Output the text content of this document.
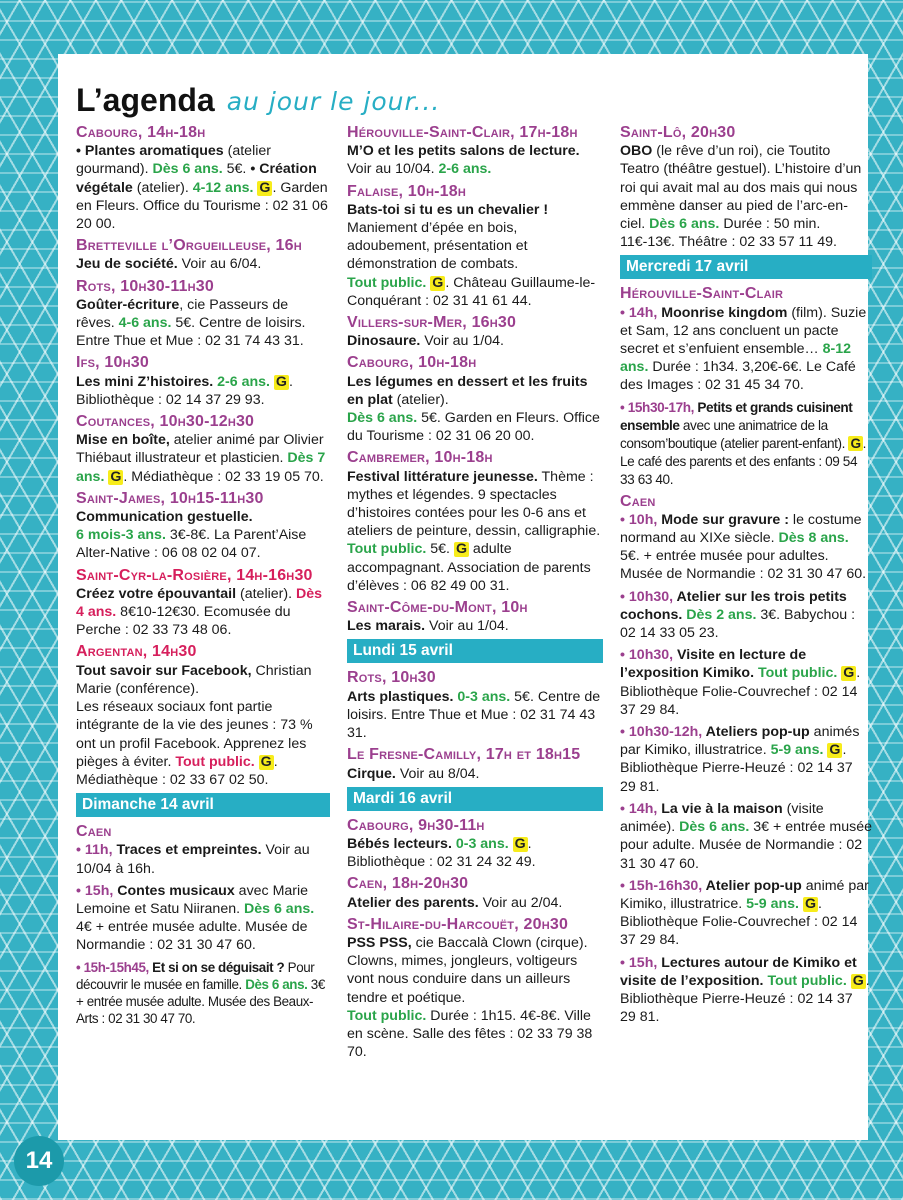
L’agenda au jour le jour...
Cabourg, 14h-18h
• Plantes aromatiques (atelier gourmand). Dès 6 ans. 5€. • Création végétale (atelier). 4-12 ans. G . Garden en Fleurs. Office du Tourisme : 02 31 06 20 00.
Bretteville l’Orgueilleuse, 16h
Jeu de société. Voir au 6/04.
Rots, 10h30-11h30
Goûter-écriture, cie Passeurs de rêves. 4-6 ans. 5€. Centre de loisirs. Entre Thue et Mue : 02 31 74 43 31.
Ifs, 10h30
Les mini Z’histoires. 2-6 ans. G . Bibliothèque : 02 14 37 29 93.
Coutances, 10h30-12h30
Mise en boîte, atelier animé par Olivier Thiébaut illustrateur et plasticien. Dès 7 ans. G . Médiathèque : 02 33 19 05 70.
Saint-James, 10h15-11h30
Communication gestuelle.
6 mois-3 ans. 3€-8€. La Parent’Aise Alter-Native : 06 08 02 04 07.
Saint-Cyr-la-Rosière, 14h-16h30
Créez votre épouvantail (atelier). Dès 4 ans. 8€10-12€30. Ecomusée du Perche : 02 33 73 48 06.
Argentan, 14h30
Tout savoir sur Facebook, Christian Marie (conférence).
Les réseaux sociaux font partie intégrante de la vie des jeunes : 73 % ont un profil Facebook. Apprenez les pièges à éviter. Tout public. G . Médiathèque : 02 33 67 02 50.
Dimanche 14 avril
Caen
• 11h, Traces et empreintes. Voir au 10/04 à 16h.
• 15h, Contes musicaux avec Marie Lemoine et Satu Niiranen. Dès 6 ans. 4€ + entrée musée adulte. Musée de Normandie : 02 31 30 47 60.
• 15h-15h45, Et si on se déguisait ? Pour découvrir le musée en famille. Dès 6 ans. 3€ + entrée musée adulte. Musée des Beaux-Arts : 02 31 30 47 70.
Hérouville-Saint-Clair, 17h-18h
M’O et les petits salons de lecture. Voir au 10/04. 2-6 ans.
Falaise, 10h-18h
Bats-toi si tu es un chevalier ! Maniement d’épée en bois, adoubement, présentation et démonstration de combats.
Tout public. G . Château Guillaume-le-Conquérant : 02 31 41 61 44.
Villers-sur-Mer, 16h30
Dinosaure. Voir au 1/04.
Cabourg, 10h-18h
Les légumes en dessert et les fruits en plat (atelier).
Dès 6 ans. 5€. Garden en Fleurs. Office du Tourisme : 02 31 06 20 00.
Cambremer, 10h-18h
Festival littérature jeunesse. Thème : mythes et légendes. 9 spectacles d’histoires contées pour les 0-6 ans et ateliers de peinture, dessin, calligraphie.
Tout public. 5€. G adulte accompagnant. Association de parents d’élèves : 06 82 49 00 31.
Saint-Côme-du-Mont, 10h
Les marais. Voir au 1/04.
Lundi 15 avril
Rots, 10h30
Arts plastiques. 0-3 ans. 5€. Centre de loisirs. Entre Thue et Mue : 02 31 74 43 31.
Le Fresne-Camilly, 17h et 18h15
Cirque. Voir au 8/04.
Mardi 16 avril
Cabourg, 9h30-11h
Bébés lecteurs. 0-3 ans. G . Bibliothèque : 02 31 24 32 49.
Caen, 18h-20h30
Atelier des parents. Voir au 2/04.
St-Hilaire-du-Harcouët, 20h30
PSS PSS, cie Baccalà Clown (cirque). Clowns, mimes, jongleurs, voltigeurs vont nous conduire dans un ailleurs tendre et poétique.
Tout public. Durée : 1h15. 4€-8€. Ville en scène. Salle des fêtes : 02 33 79 38 70.
Saint-Lô, 20h30
OBO (le rêve d’un roi), cie Toutito Teatro (théâtre gestuel). L’histoire d’un roi qui avait mal au dos mais qui nous emmène danser au pied de l’arc-en-ciel. Dès 6 ans. Durée : 50 min. 11€-13€. Théâtre : 02 33 57 11 49.
Mercredi 17 avril
Hérouville-Saint-Clair
• 14h, Moonrise kingdom (film). Suzie et Sam, 12 ans concluent un pacte secret et s’enfuient ensemble… 8-12 ans. Durée : 1h34. 3,20€-6€. Le Café des Images : 02 31 45 34 70.
• 15h30-17h, Petits et grands cuisinent ensemble avec une animatrice de la consom’boutique (atelier parent-enfant). G . Le café des parents et des enfants : 09 54 33 63 40.
Caen
• 10h, Mode sur gravure : le costume normand au XIXe siècle. Dès 8 ans. 5€. + entrée musée pour adultes. Musée de Normandie : 02 31 30 47 60.
• 10h30, Atelier sur les trois petits cochons. Dès 2 ans. 3€. Babychou : 02 14 33 05 23.
• 10h30, Visite en lecture de l’exposition Kimiko. Tout public. G . Bibliothèque Folie-Couvrechef : 02 14 37 29 84.
• 10h30-12h, Ateliers pop-up animés par Kimiko, illustratrice. 5-9 ans. G . Bibliothèque Pierre-Heuzé : 02 14 37 29 81.
• 14h, La vie à la maison (visite animée). Dès 6 ans. 3€ + entrée musée pour adulte. Musée de Normandie : 02 31 30 47 60.
• 15h-16h30, Atelier pop-up animé par Kimiko, illustratrice. 5-9 ans. G . Bibliothèque Folie-Couvrechef : 02 14 37 29 84.
• 15h, Lectures autour de Kimiko et visite de l’exposition. Tout public. G . Bibliothèque Pierre-Heuzé : 02 14 37 29 81.
14
